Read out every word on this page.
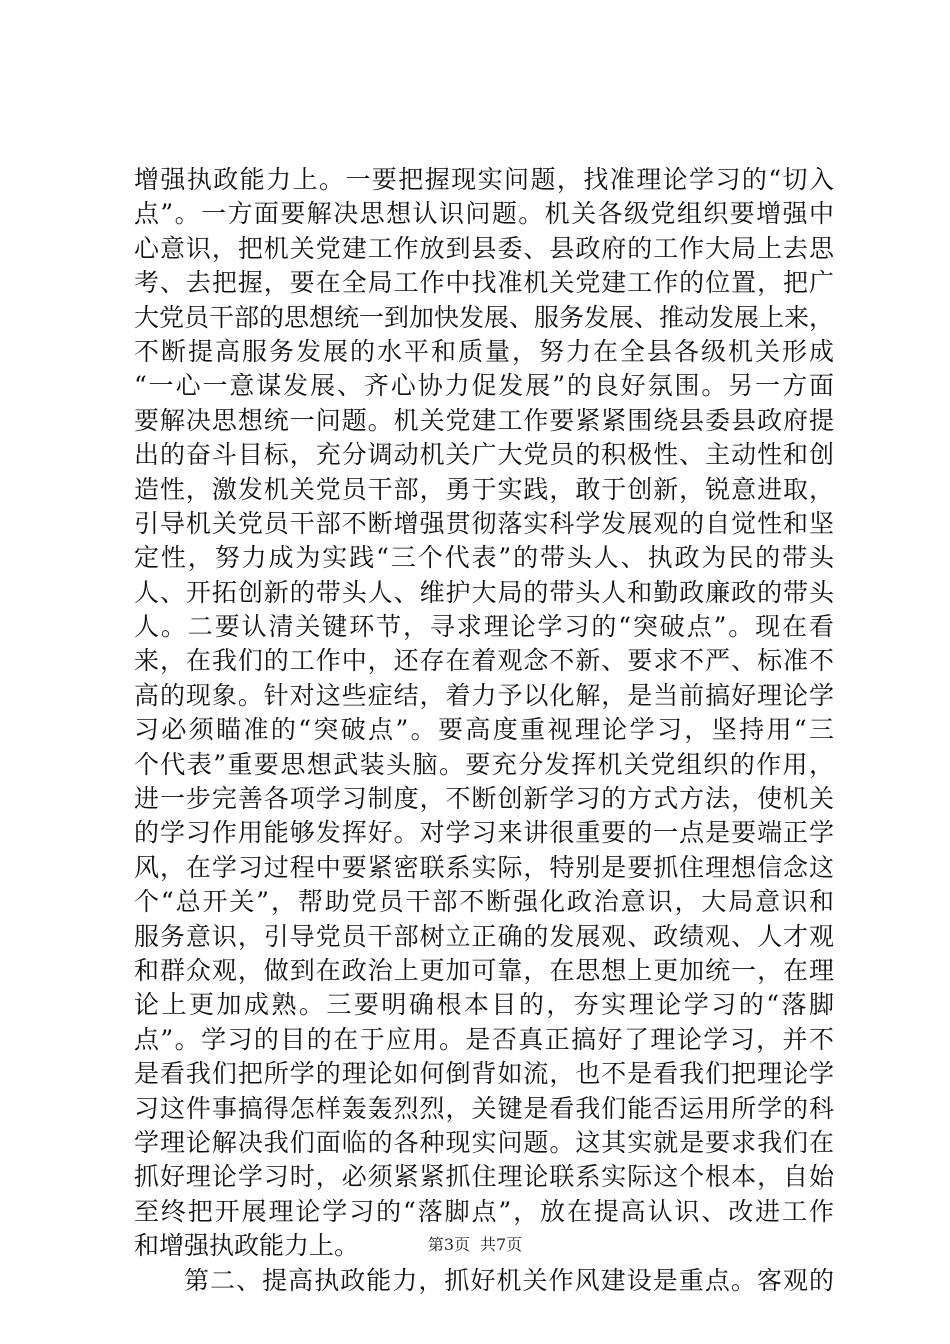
增强执政能力上。一要把握现实问题，找准理论学习的“切入
点”。一方面要解决思想认识问题。机关各级党组织要增强中
心意识，把机关党建工作放到县委、县政府的工作大局上去思
考、去把握，要在全局工作中找准机关党建工作的位置，把广
大党员干部的思想统一到加快发展、服务发展、推动发展上来，
不断提高服务发展的水平和质量，努力在全县各级机关形成
“一心一意谋发展、齐心协力促发展”的良好氛围。另一方面
要解决思想统一问题。机关党建工作要紧紧围绕县委县政府提
出的奋斗目标，充分调动机关广大党员的积极性、主动性和创
造性，激发机关党员干部，勇于实践，敢于创新，锐意进取，
引导机关党员干部不断增强贯彻落实科学发展观的自觉性和坚
定性，努力成为实践“三个代表”的带头人、执政为民的带头
人、开拓创新的带头人、维护大局的带头人和勤政廉政的带头
人。二要认清关键环节，寻求理论学习的“突破点”。现在看
来，在我们的工作中，还存在着观念不新、要求不严、标准不
高的现象。针对这些症结，着力予以化解，是当前搞好理论学
习必须瞄准的“突破点”。要高度重视理论学习，坚持用“三
个代表”重要思想武装头脑。要充分发挥机关党组织的作用，
进一步完善各项学习制度，不断创新学习的方式方法，使机关
的学习作用能够发挥好。对学习来讲很重要的一点是要端正学
风，在学习过程中要紧密联系实际，特别是要抓住理想信念这
个“总开关”，帮助党员干部不断强化政治意识，大局意识和
服务意识，引导党员干部树立正确的发展观、政绩观、人才观
和群众观，做到在政治上更加可靠，在思想上更加统一，在理
论上更加成熟。三要明确根本目的，夯实理论学习的“落脚
点”。学习的目的在于应用。是否真正搞好了理论学习，并不
是看我们把所学的理论如何倒背如流，也不是看我们把理论学
习这件事搞得怎样轰轰烈烈，关键是看我们能否运用所学的科
学理论解决我们面临的各种现实问题。这其实就是要求我们在
抓好理论学习时，必须紧紧抓住理论联系实际这个根本，自始
至终把开展理论学习的“落脚点”，放在提高认识、改进工作
和增强执政能力上。
第二、提高执政能力，抓好机关作风建设是重点。客观的
第3页 共7页
